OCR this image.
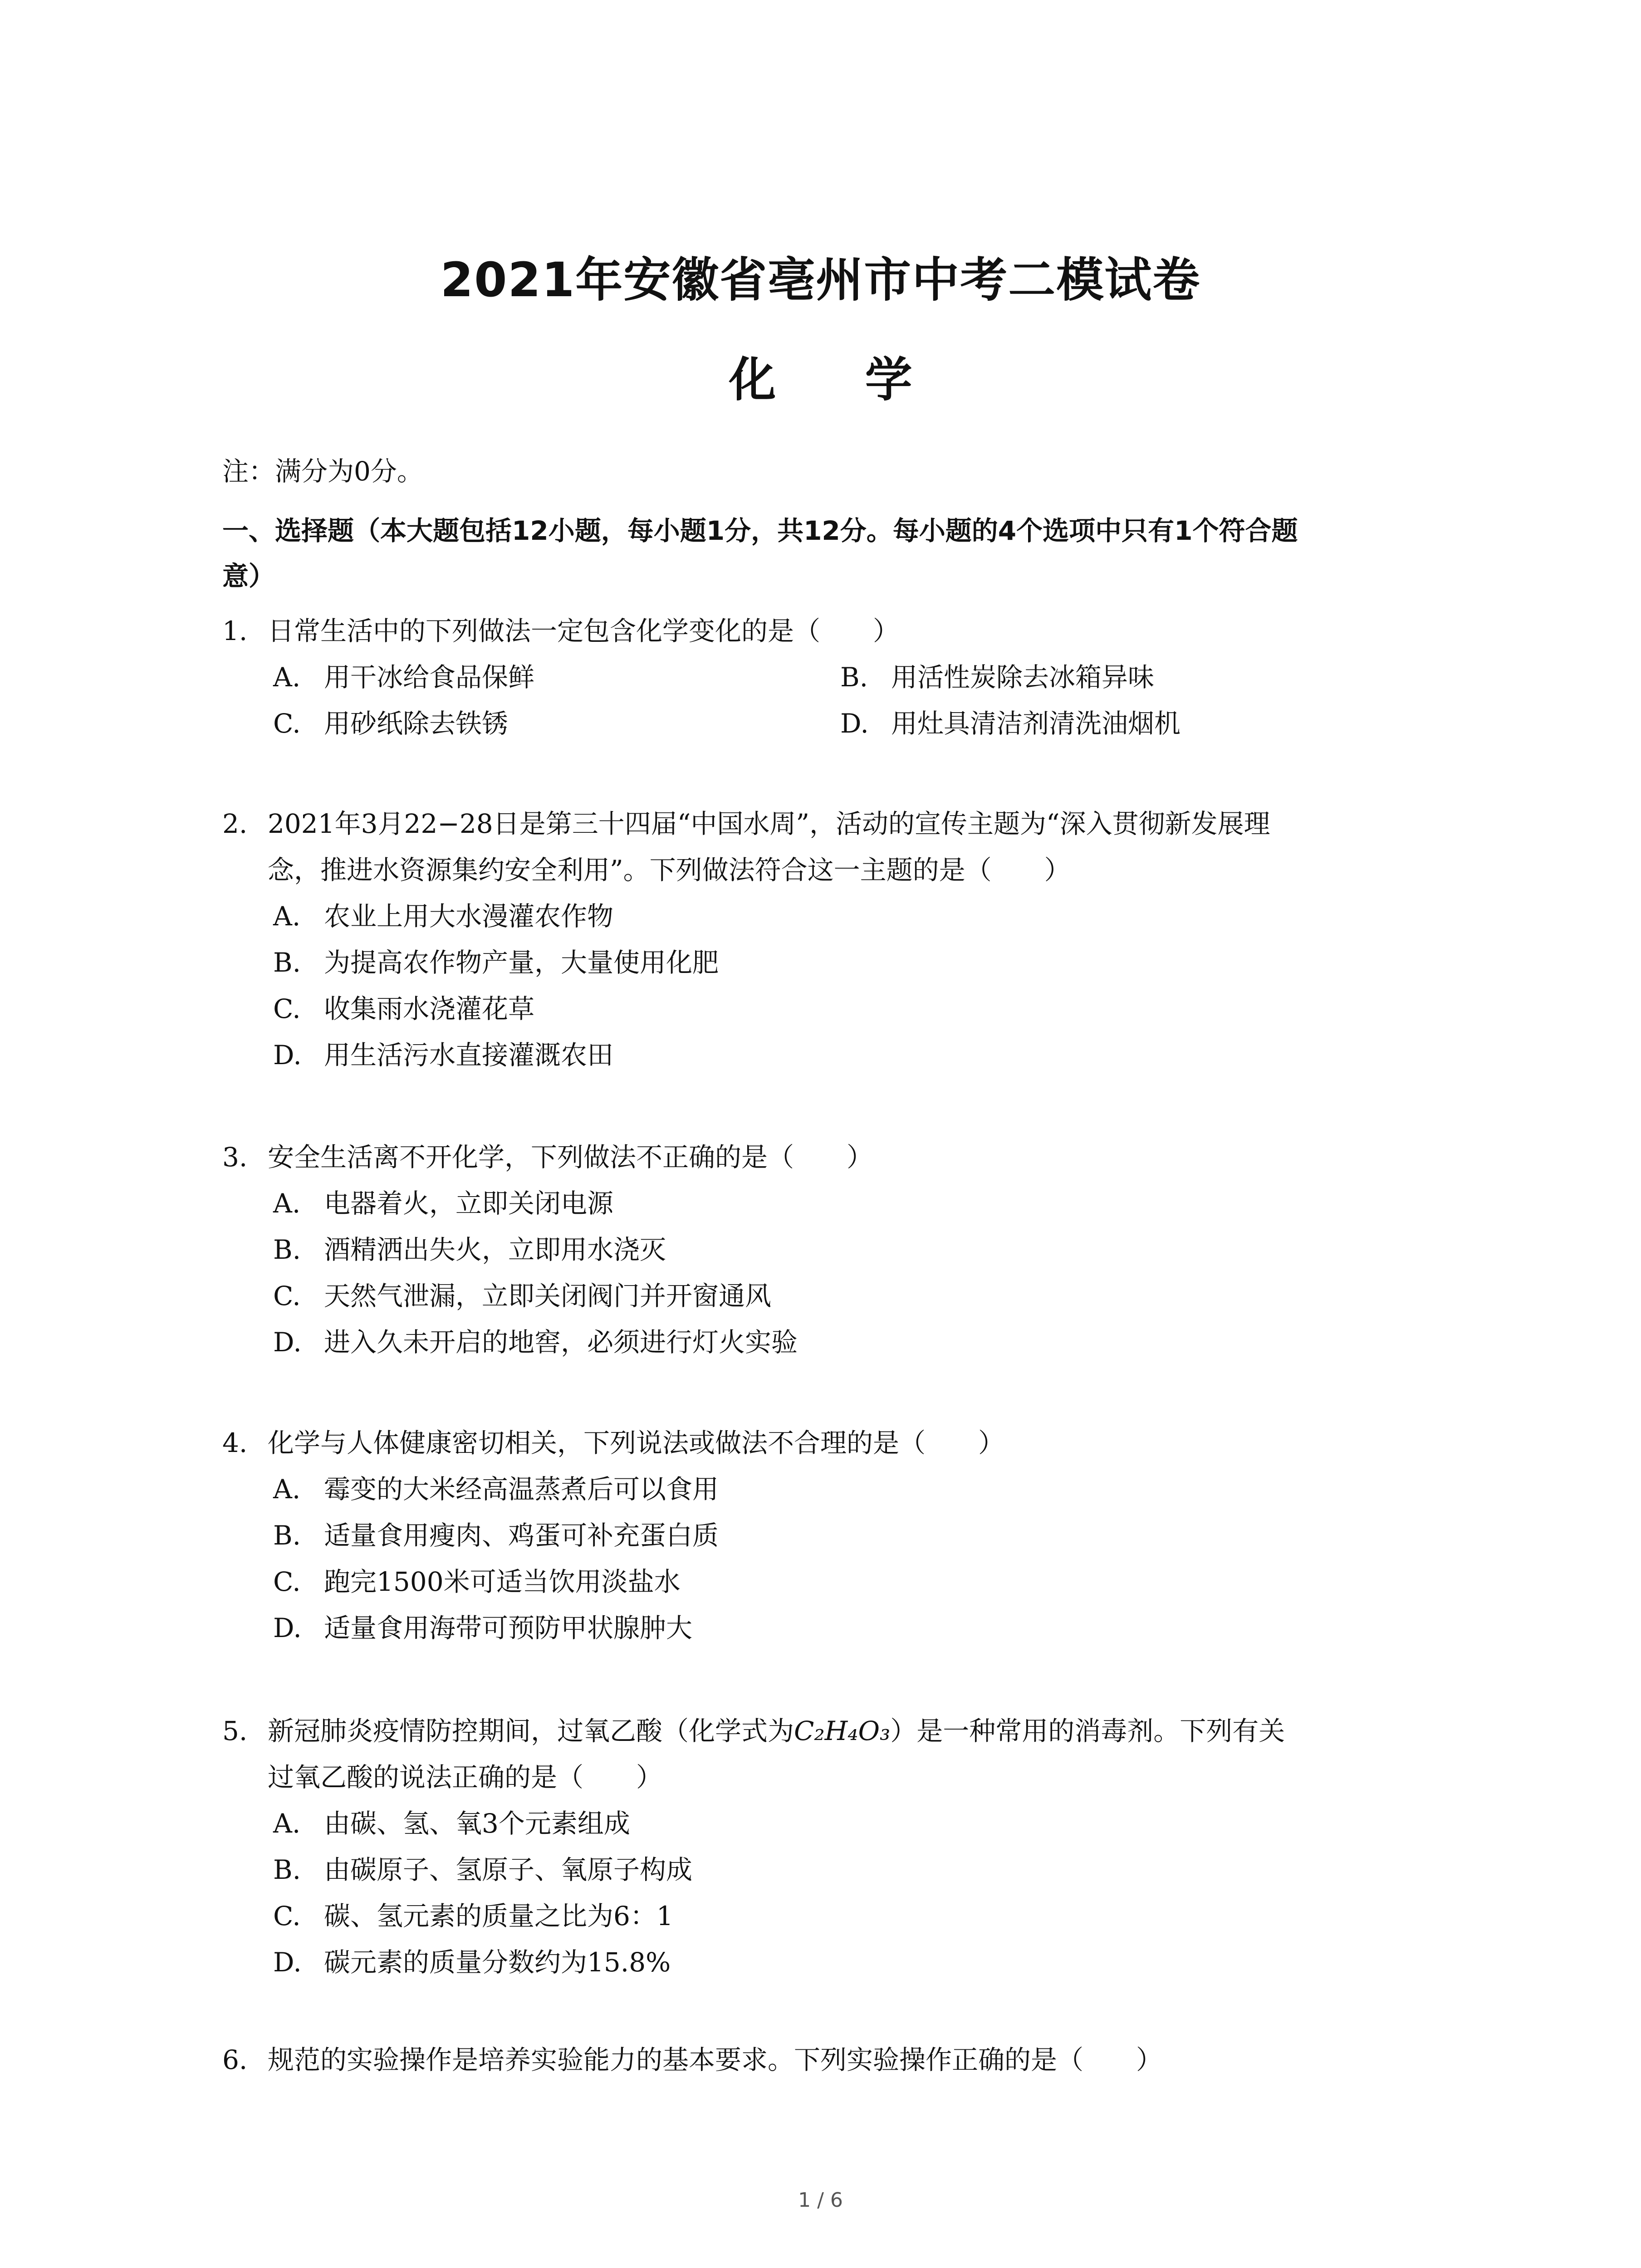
2021年安徽省亳州市中考二模试卷
化 学
注：满分为0分。
一、选择题（本大题包括12小题，每小题1分，共12分。每小题的4个选项中只有1个符合题
意）
1. 日常生活中的下列做法一定包含化学变化的是（　　）
A. 用干冰给食品保鲜	B. 用活性炭除去冰箱异味
C. 用砂纸除去铁锈	D. 用灶具清洁剂清洗油烟机
2. 2021年3月22−28日是第三十四届“中国水周”，活动的宣传主题为“深入贯彻新发展理
念，推进水资源集约安全利用”。下列做法符合这一主题的是（　　）
A. 农业上用大水漫灌农作物
B. 为提高农作物产量，大量使用化肥
C. 收集雨水浇灌花草
D. 用生活污水直接灌溉农田
3. 安全生活离不开化学，下列做法不正确的是（　　）
A. 电器着火，立即关闭电源
B. 酒精洒出失火，立即用水浇灭
C. 天然气泄漏，立即关闭阀门并开窗通风
D. 进入久未开启的地窖，必须进行灯火实验
4. 化学与人体健康密切相关，下列说法或做法不合理的是（　　）
A. 霉变的大米经高温蒸煮后可以食用
B. 适量食用瘦肉、鸡蛋可补充蛋白质
C. 跑完1500米可适当饮用淡盐水
D. 适量食用海带可预防甲状腺肿大
5. 新冠肺炎疫情防控期间，过氧乙酸（化学式为C₂H₄O₃）是一种常用的消毒剂。下列有关
过氧乙酸的说法正确的是（　　）
A. 由碳、氢、氧3个元素组成
B. 由碳原子、氢原子、氧原子构成
C. 碳、氢元素的质量之比为6：1
D. 碳元素的质量分数约为15.8%
6. 规范的实验操作是培养实验能力的基本要求。下列实验操作正确的是（　　）
1 / 6
